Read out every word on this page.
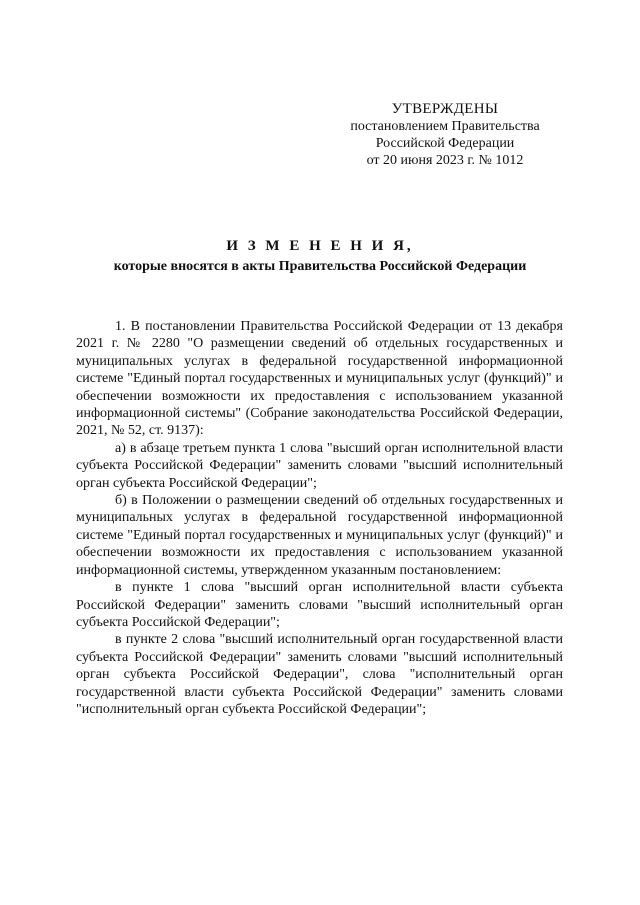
УТВЕРЖДЕНЫ
постановлением Правительства
Российской Федерации
от 20 июня 2023 г. № 1012
И З М Е Н Е Н И Я,
которые вносятся в акты Правительства Российской Федерации

1. В постановлении Правительства Российской Федерации от 13 декабря 2021 г. № 2280 "О размещении сведений об отдельных государственных и муниципальных услугах в федеральной государственной информационной системе "Единый портал государственных и муниципальных услуг (функций)" и обеспечении возможности их предоставления с использованием указанной информационной системы" (Собрание законодательства Российской Федерации, 2021, № 52, ст. 9137):

а) в абзаце третьем пункта 1 слова "высший орган исполнительной власти субъекта Российской Федерации" заменить словами "высший исполнительный орган субъекта Российской Федерации";

б) в Положении о размещении сведений об отдельных государственных и муниципальных услугах в федеральной государственной информационной системе "Единый портал государственных и муниципальных услуг (функций)" и обеспечении возможности их предоставления с использованием указанной информационной системы, утвержденном указанным постановлением:

в пункте 1 слова "высший орган исполнительной власти субъекта Российской Федерации" заменить словами "высший исполнительный орган субъекта Российской Федерации";

в пункте 2 слова "высший исполнительный орган государственной власти субъекта Российской Федерации" заменить словами "высший исполнительный орган субъекта Российской Федерации", слова "исполнительный орган государственной власти субъекта Российской Федерации" заменить словами "исполнительный орган субъекта Российской Федерации";
